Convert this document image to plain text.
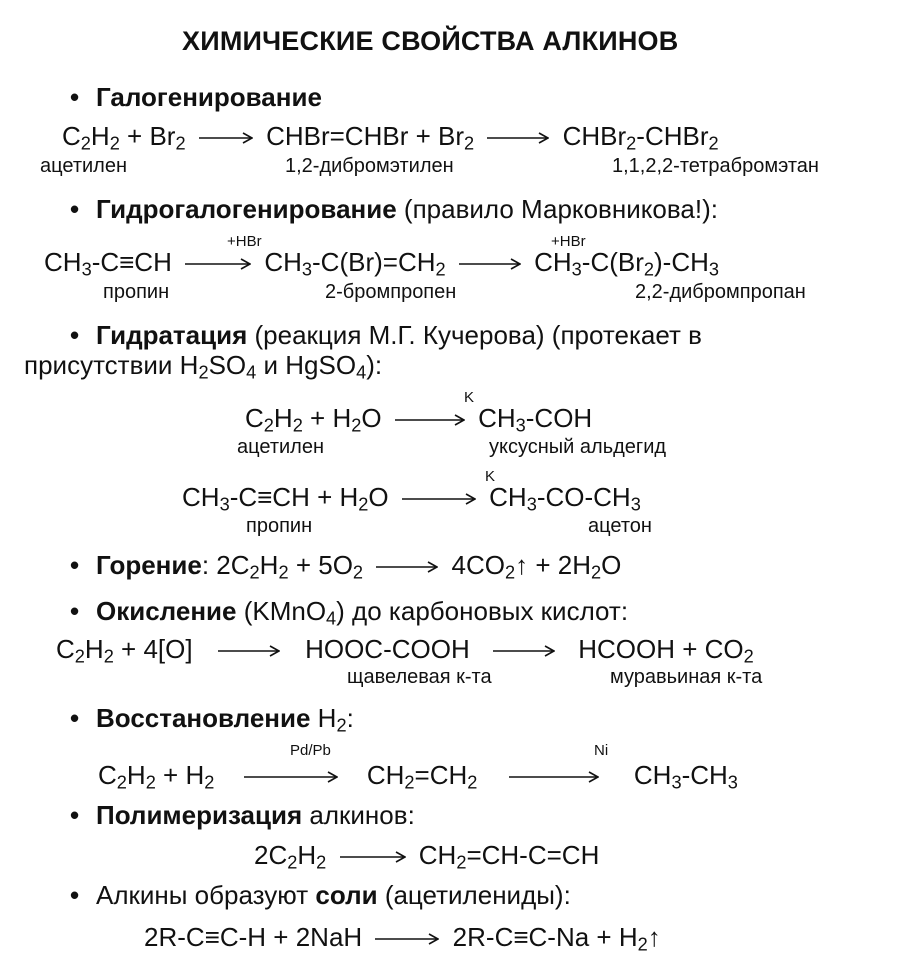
ХИМИЧЕСКИЕ СВОЙСТВА АЛКИНОВ
• Галогенирование
$C_2H_2 + Br_2$ → CHBr=CHBr + $Br_2$ → CHBr$_2$-CHBr$_2$
ацетилен	1,2-дибромэтилен	1,1,2,2-тетрабромэтан
• Гидрогалогенирование (правило Марковникова!):
+HBr	+HBr
$CH_3-C\equiv CH \to CH_3-C(Br)=CH_2 \to CH_3-C(Br_2)-CH_3$
пропин	2-бромпропен	2,2-дибромпропан
• Гидратация (реакция М.Г. Кучерова) (протекает в
присутствии $H_2SO_4$ и HgSO$_4$):
K
$C_2H_2 + H_2O \to CH_3-COH$
ацетилен	уксусный альдегид
K
$CH_3-C\equiv CH + H_2O \to CH_3-CO-CH_3$
пропин	ацетон
• Горение: $2C_2H_2 + 5O_2$ → $4CO_2↑ + 2H_2O$
• Окисление (KMnO$_4$) до карбоновых кислот:
$C_2H_2 + 4[O]$ → HOOC-COOH → HCOOH + $CO_2$
щавелевая к-та	муравьиная к-та
• Восстановление $H_2$:
Pd/Pb	Ni
$C_2H_2 + H_2 \to CH_2=CH_2 \to CH_3-CH_3$
• Полимеризация алкинов:
$2C_2H_2 \to CH_2=CH-C=CH$
• Алкины образуют соли (ацетилениды):
$2R-C\equiv C-H + 2NaH \to 2R-C\equiv C-Na + H_2↑$
